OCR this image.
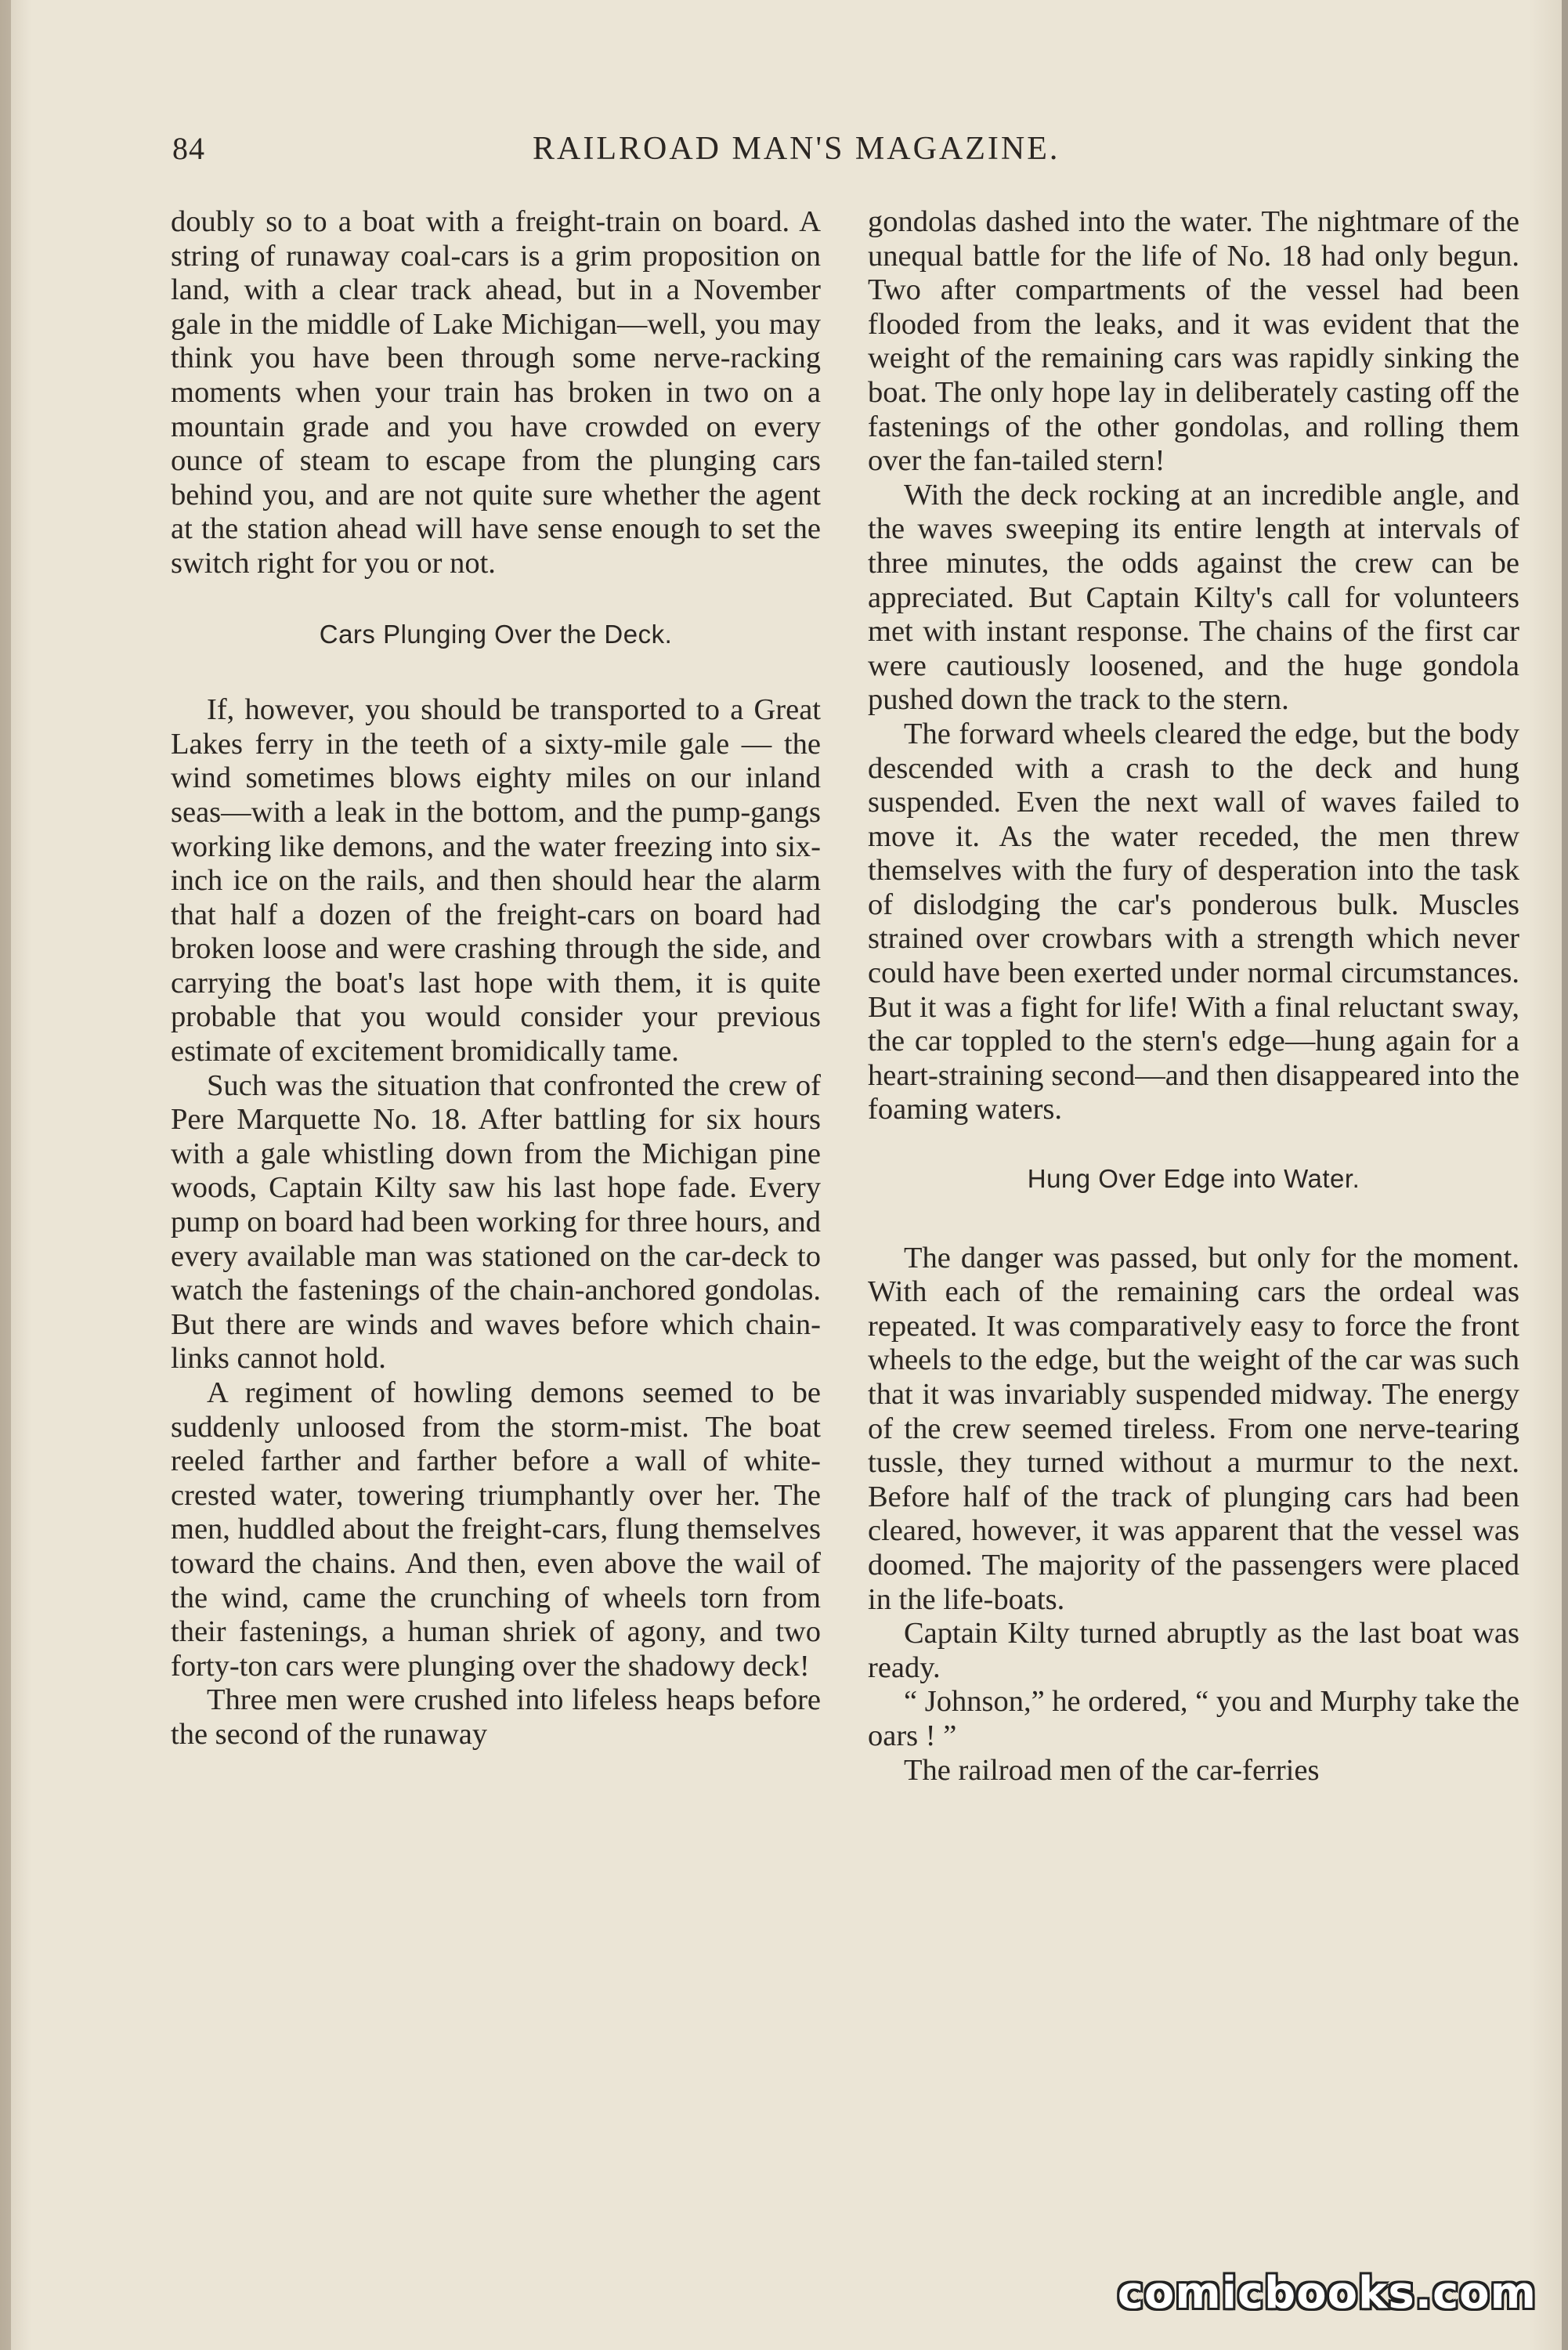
84	RAILROAD MAN'S MAGAZINE.

doubly so to a boat with a freight-train on board. A string of runaway coal-cars is a grim proposition on land, with a clear track ahead, but in a November gale in the middle of Lake Michigan—well, you may think you have been through some nerve-racking moments when your train has broken in two on a mountain grade and you have crowded on every ounce of steam to escape from the plunging cars behind you, and are not quite sure whether the agent at the station ahead will have sense enough to set the switch right for you or not.

Cars Plunging Over the Deck.

If, however, you should be transported to a Great Lakes ferry in the teeth of a sixty-mile gale — the wind sometimes blows eighty miles on our inland seas—with a leak in the bottom, and the pump-gangs working like demons, and the water freezing into six-inch ice on the rails, and then should hear the alarm that half a dozen of the freight-cars on board had broken loose and were crashing through the side, and carrying the boat's last hope with them, it is quite probable that you would consider your previous estimate of excitement bromidically tame.

Such was the situation that confronted the crew of Pere Marquette No. 18. After battling for six hours with a gale whistling down from the Michigan pine woods, Captain Kilty saw his last hope fade. Every pump on board had been working for three hours, and every available man was stationed on the car-deck to watch the fastenings of the chain-anchored gondolas. But there are winds and waves before which chain-links cannot hold.

A regiment of howling demons seemed to be suddenly unloosed from the storm-mist. The boat reeled farther and farther before a wall of white-crested water, towering triumphantly over her. The men, huddled about the freight-cars, flung themselves toward the chains. And then, even above the wail of the wind, came the crunching of wheels torn from their fastenings, a human shriek of agony, and two forty-ton cars were plunging over the shadowy deck!

Three men were crushed into lifeless heaps before the second of the runaway

gondolas dashed into the water. The nightmare of the unequal battle for the life of No. 18 had only begun. Two after compartments of the vessel had been flooded from the leaks, and it was evident that the weight of the remaining cars was rapidly sinking the boat. The only hope lay in deliberately casting off the fastenings of the other gondolas, and rolling them over the fan-tailed stern!

With the deck rocking at an incredible angle, and the waves sweeping its entire length at intervals of three minutes, the odds against the crew can be appreciated. But Captain Kilty's call for volunteers met with instant response. The chains of the first car were cautiously loosened, and the huge gondola pushed down the track to the stern.

The forward wheels cleared the edge, but the body descended with a crash to the deck and hung suspended. Even the next wall of waves failed to move it. As the water receded, the men threw themselves with the fury of desperation into the task of dislodging the car's ponderous bulk. Muscles strained over crowbars with a strength which never could have been exerted under normal circumstances. But it was a fight for life! With a final reluctant sway, the car toppled to the stern's edge—hung again for a heart-straining second—and then disappeared into the foaming waters.

Hung Over Edge into Water.

The danger was passed, but only for the moment. With each of the remaining cars the ordeal was repeated. It was comparatively easy to force the front wheels to the edge, but the weight of the car was such that it was invariably suspended midway. The energy of the crew seemed tireless. From one nerve-tearing tussle, they turned without a murmur to the next. Before half of the track of plunging cars had been cleared, however, it was apparent that the vessel was doomed. The majority of the passengers were placed in the life-boats.

Captain Kilty turned abruptly as the last boat was ready.

“ Johnson,” he ordered, “ you and Murphy take the oars ! ”

The railroad men of the car-ferries

comicbooks.com
